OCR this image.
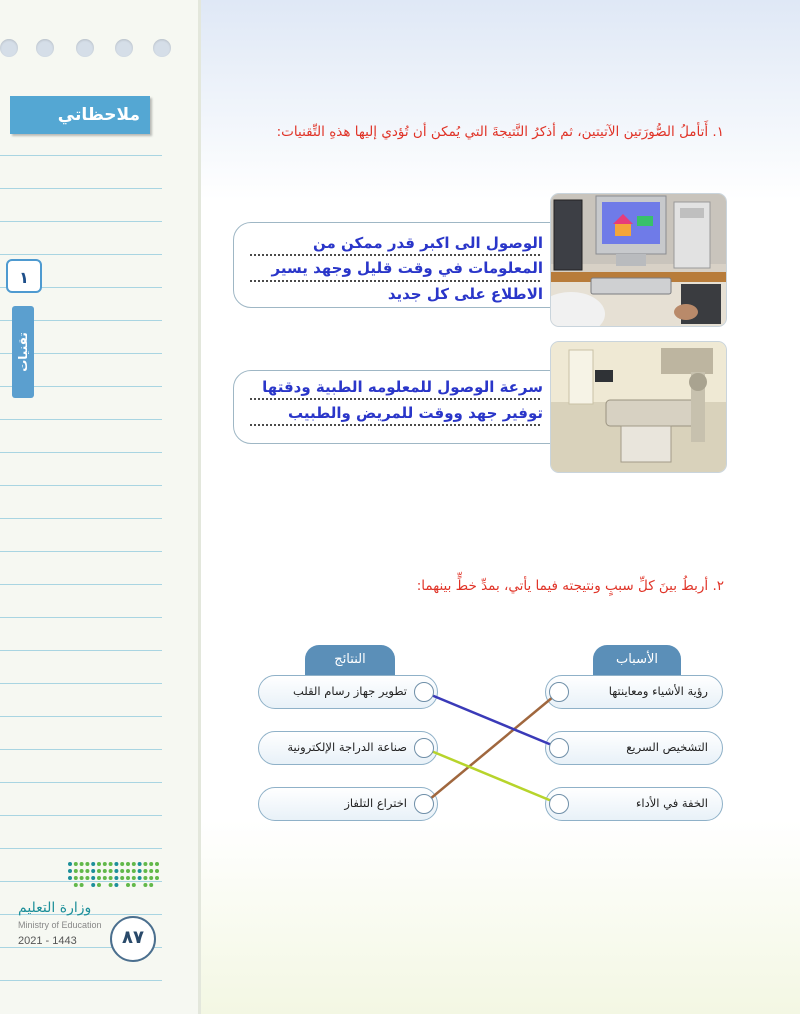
ملاحظاتي
١
تقنيات
١. أَتأملُ الصُّورَتين الآتيتين، ثم أذكرُ النَّتيجةَ التي يُمكن أن تُؤدي إليها هذهِ التِّقنيات:
الوصول الى اكبر قدر ممكن من
المعلومات في وقت قليل وجهد يسير
الاطلاع على كل جديد
سرعة الوصول للمعلومه الطبية ودقتها
توفير جهد ووقت للمريض والطبيب
٢. أربطُ بينَ كلِّ سببٍ ونتيجته فيما يأتي، بمدِّ خطٍّ بينهما:
الأسباب
النتائج
رؤية الأشياء ومعاينتها
التشخيص السريع
الخفة في الأداء
تطوير جهاز رسام القلب
صناعة الدراجة الإلكترونية
اختراع التلفاز
وزارة التعليم
Ministry of Education
2021 - 1443	٨٧
